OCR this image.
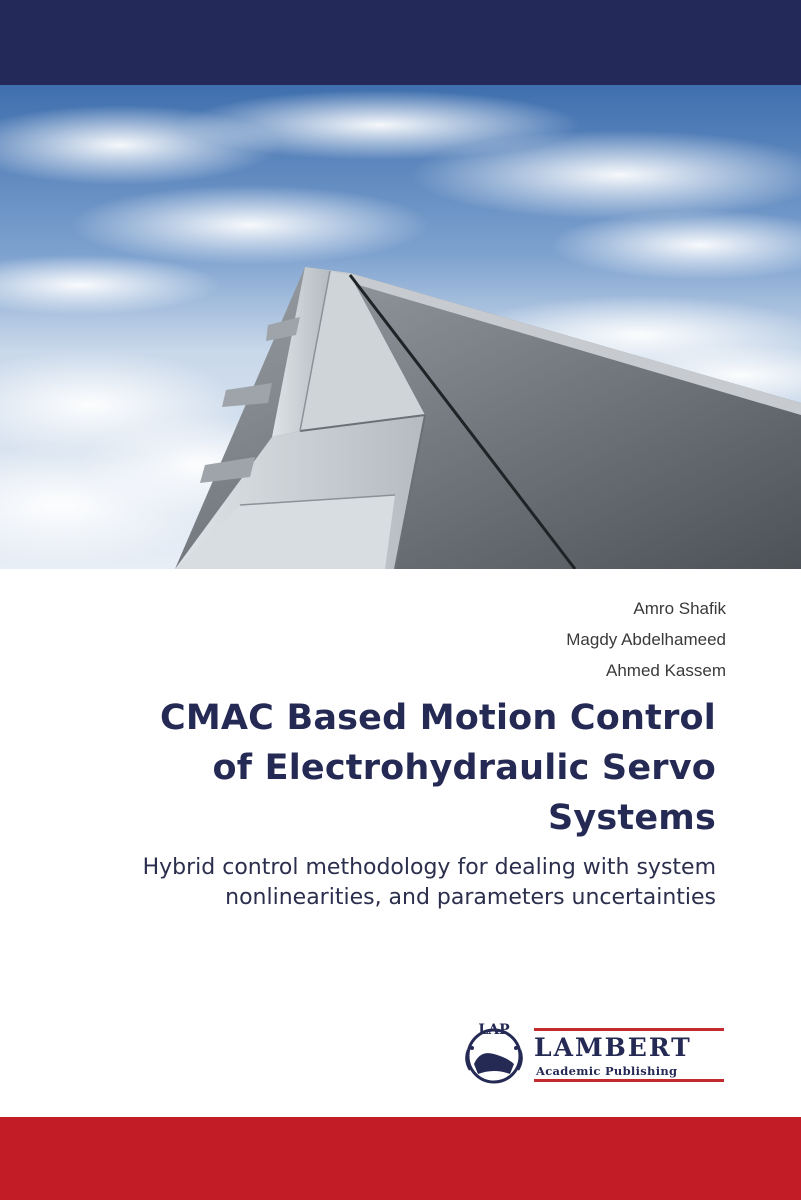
Amro Shafik
Magdy Abdelhameed
Ahmed Kassem
CMAC Based Motion Control
of Electrohydraulic Servo
Systems
Hybrid control methodology for dealing with system
nonlinearities, and parameters uncertainties
LAP
LAMBERT
Academic Publishing
